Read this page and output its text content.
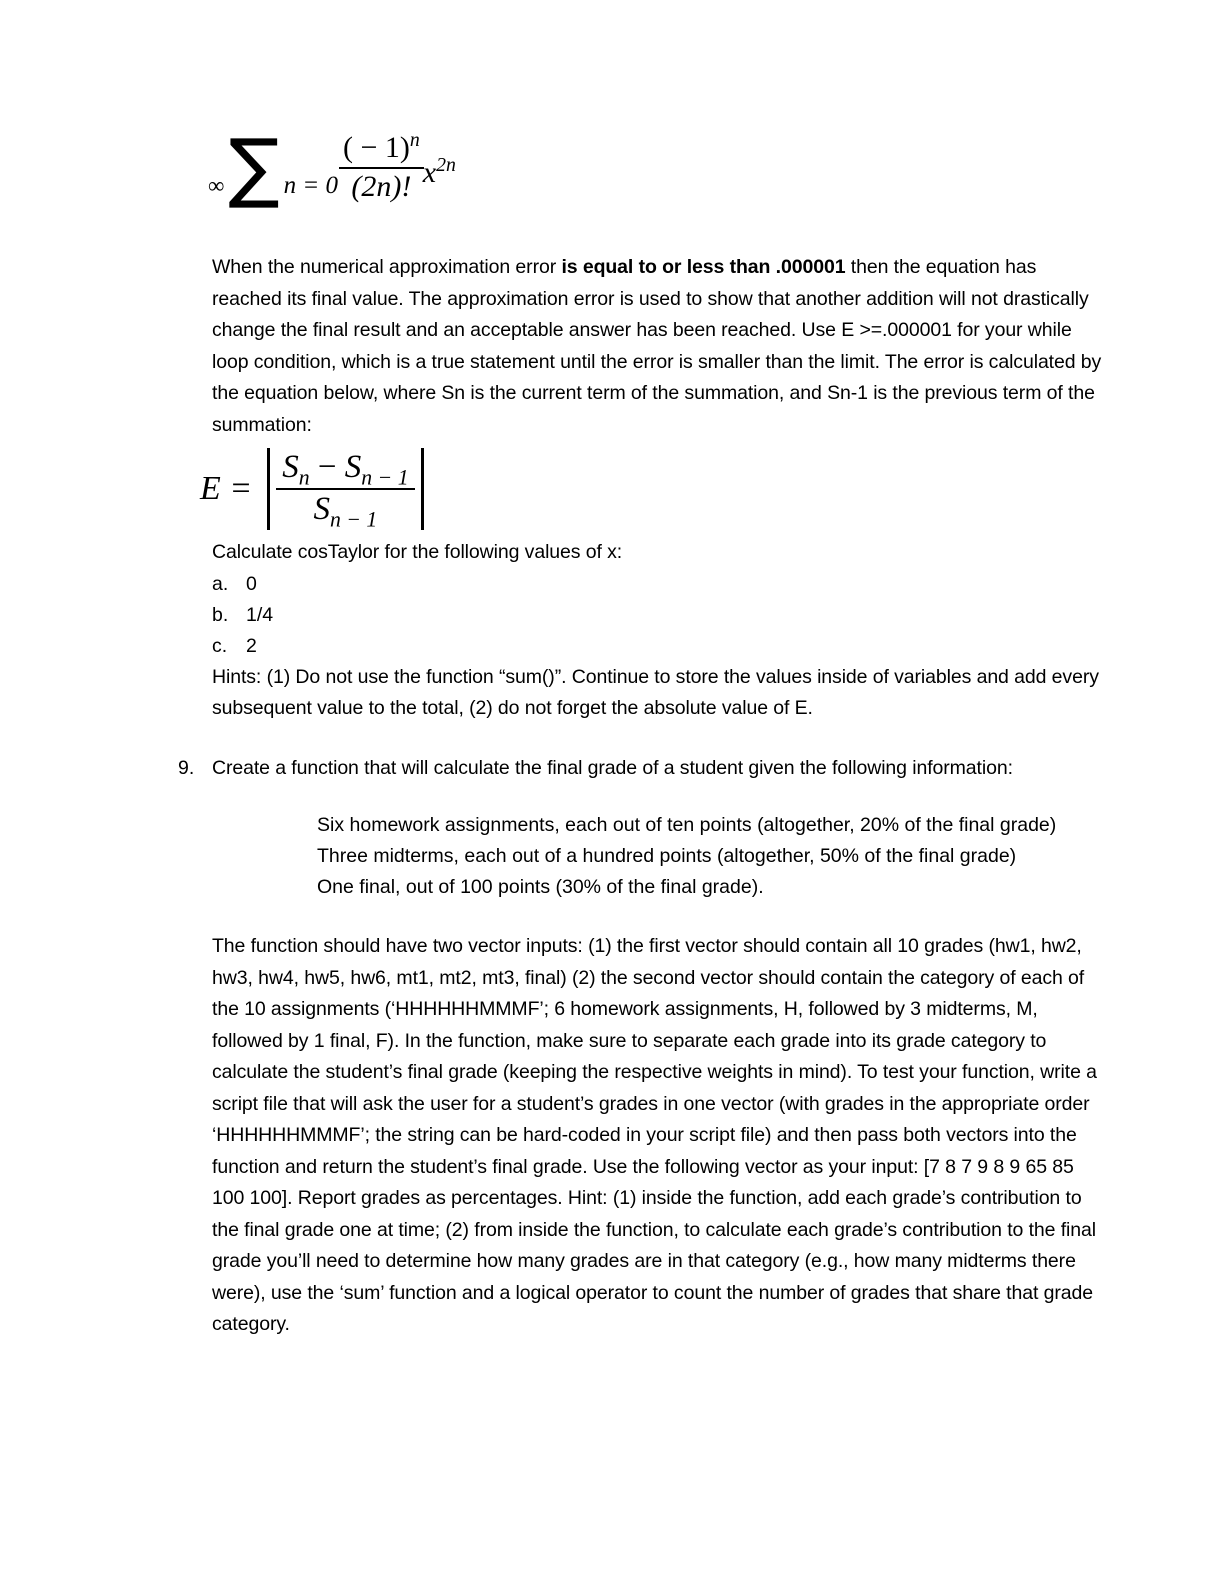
∞ ∑ $n = 0 \frac{( - 1)^n}{(2n)!} x^{2n}$

When the numerical approximation error is equal to or less than .000001 then the equation has reached its final value. The approximation error is used to show that another addition will not drastically change the final result and an acceptable answer has been reached. Use E >=.000001 for your while loop condition, which is a true statement until the error is smaller than the limit. The error is calculated by the equation below, where Sn is the current term of the summation, and Sn-1 is the previous term of the summation:

$E = \frac{S_n - S_{n - 1}}{S_{n - 1}}$

Calculate cosTaylor for the following values of x:

a. 0
b. 1/4
c. 2

Hints: (1) Do not use the function “sum()”. Continue to store the values inside of variables and add every subsequent value to the total, (2) do not forget the absolute value of E.

9. Create a function that will calculate the final grade of a student given the following information:

Six homework assignments, each out of ten points (altogether, 20% of the final grade)
Three midterms, each out of a hundred points (altogether, 50% of the final grade)
One final, out of 100 points (30% of the final grade).

The function should have two vector inputs: (1) the first vector should contain all 10 grades (hw1, hw2, hw3, hw4, hw5, hw6, mt1, mt2, mt3, final) (2) the second vector should contain the category of each of the 10 assignments (‘HHHHHHMMMF’; 6 homework assignments, H, followed by 3 midterms, M, followed by 1 final, F). In the function, make sure to separate each grade into its grade category to calculate the student’s final grade (keeping the respective weights in mind). To test your function, write a script file that will ask the user for a student’s grades in one vector (with grades in the appropriate order ‘HHHHHHMMMF’; the string can be hard-coded in your script file) and then pass both vectors into the function and return the student’s final grade. Use the following vector as your input: [7 8 7 9 8 9 65 85 100 100]. Report grades as percentages. Hint: (1) inside the function, add each grade’s contribution to the final grade one at time; (2) from inside the function, to calculate each grade’s contribution to the final grade you’ll need to determine how many grades are in that category (e.g., how many midterms there were), use the ‘sum’ function and a logical operator to count the number of grades that share that grade category.
